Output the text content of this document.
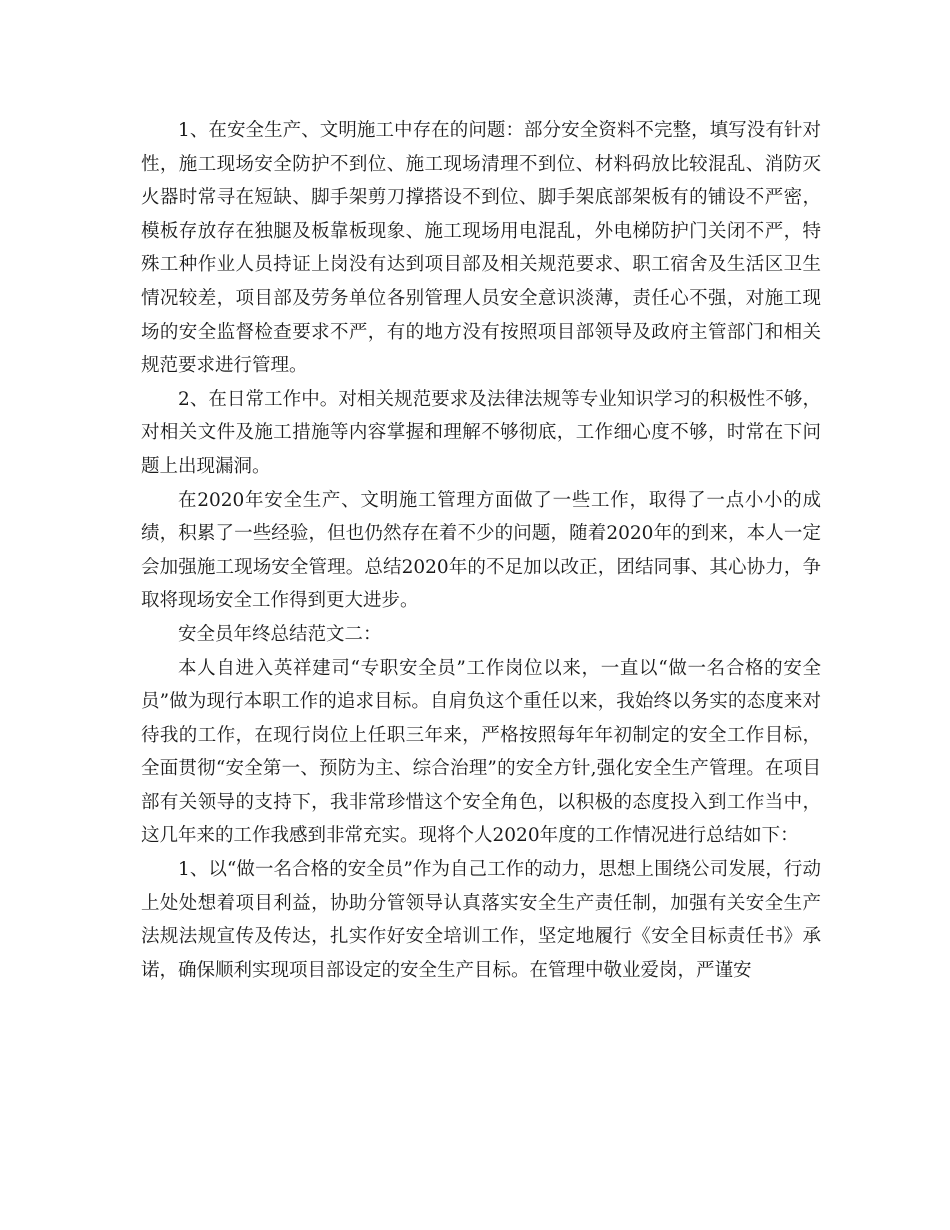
1、在安全生产、文明施工中存在的问题：部分安全资料不完整，填写没有针对性，施工现场安全防护不到位、施工现场清理不到位、材料码放比较混乱、消防灭火器时常寻在短缺、脚手架剪刀撑搭设不到位、脚手架底部架板有的铺设不严密，模板存放存在独腿及板靠板现象、施工现场用电混乱，外电梯防护门关闭不严，特殊工种作业人员持证上岗没有达到项目部及相关规范要求、职工宿舍及生活区卫生情况较差，项目部及劳务单位各别管理人员安全意识淡薄，责任心不强，对施工现场的安全监督检查要求不严，有的地方没有按照项目部领导及政府主管部门和相关规范要求进行管理。

2、在日常工作中。对相关规范要求及法律法规等专业知识学习的积极性不够，对相关文件及施工措施等内容掌握和理解不够彻底，工作细心度不够，时常在下问题上出现漏洞。

在2020年安全生产、文明施工管理方面做了一些工作，取得了一点小小的成绩，积累了一些经验，但也仍然存在着不少的问题，随着2020年的到来，本人一定会加强施工现场安全管理。总结2020年的不足加以改正，团结同事、其心协力，争取将现场安全工作得到更大进步。

安全员年终总结范文二：

本人自进入英祥建司“专职安全员”工作岗位以来，一直以“做一名合格的安全员”做为现行本职工作的追求目标。自肩负这个重任以来，我始终以务实的态度来对待我的工作，在现行岗位上任职三年来，严格按照每年年初制定的安全工作目标，全面贯彻“安全第一、预防为主、综合治理”的安全方针,强化安全生产管理。在项目部有关领导的支持下，我非常珍惜这个安全角色，以积极的态度投入到工作当中，这几年来的工作我感到非常充实。现将个人2020年度的工作情况进行总结如下：

1、以“做一名合格的安全员”作为自己工作的动力，思想上围绕公司发展，行动上处处想着项目利益，协助分管领导认真落实安全生产责任制，加强有关安全生产法规法规宣传及传达，扎实作好安全培训工作，坚定地履行《安全目标责任书》承诺，确保顺利实现项目部设定的安全生产目标。在管理中敬业爱岗，严谨安
